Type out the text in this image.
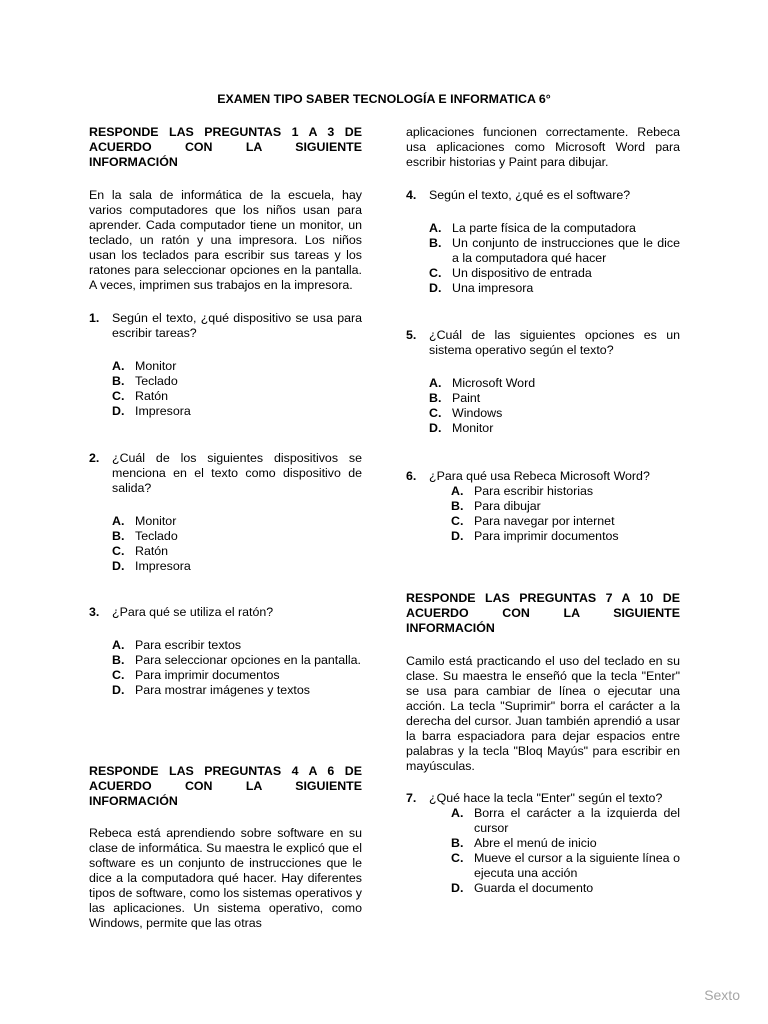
EXAMEN TIPO SABER TECNOLOGÍA E INFORMATICA 6°
RESPONDE LAS PREGUNTAS 1 A 3 DE ACUERDO CON LA SIGUIENTE INFORMACIÓN
En la sala de informática de la escuela, hay varios computadores que los niños usan para aprender. Cada computador tiene un monitor, un teclado, un ratón y una impresora. Los niños usan los teclados para escribir sus tareas y los ratones para seleccionar opciones en la pantalla. A veces, imprimen sus trabajos en la impresora.
1.	Según el texto, ¿qué dispositivo se usa para escribir tareas?
A. Monitor
B. Teclado
C. Ratón
D. Impresora
2.	¿Cuál de los siguientes dispositivos se menciona en el texto como dispositivo de salida?
A. Monitor
B. Teclado
C. Ratón
D. Impresora
3.	¿Para qué se utiliza el ratón?
A. Para escribir textos
B. Para seleccionar opciones en la pantalla.
C. Para imprimir documentos
D. Para mostrar imágenes y textos
RESPONDE LAS PREGUNTAS 4 A 6 DE ACUERDO CON LA SIGUIENTE INFORMACIÓN
Rebeca está aprendiendo sobre software en su clase de informática. Su maestra le explicó que el software es un conjunto de instrucciones que le dice a la computadora qué hacer. Hay diferentes tipos de software, como los sistemas operativos y las aplicaciones. Un sistema operativo, como Windows, permite que las otras
aplicaciones funcionen correctamente. Rebeca usa aplicaciones como Microsoft Word para escribir historias y Paint para dibujar.
4.	Según el texto, ¿qué es el software?
A. La parte física de la computadora
B. Un conjunto de instrucciones que le dice a la computadora qué hacer
C. Un dispositivo de entrada
D. Una impresora
5.	¿Cuál de las siguientes opciones es un sistema operativo según el texto?
A. Microsoft Word
B. Paint
C. Windows
D. Monitor
6.	¿Para qué usa Rebeca Microsoft Word?
A. Para escribir historias
B. Para dibujar
C. Para navegar por internet
D. Para imprimir documentos
RESPONDE LAS PREGUNTAS 7 A 10 DE ACUERDO CON LA SIGUIENTE INFORMACIÓN
Camilo está practicando el uso del teclado en su clase. Su maestra le enseñó que la tecla "Enter" se usa para cambiar de línea o ejecutar una acción. La tecla "Suprimir" borra el carácter a la derecha del cursor. Juan también aprendió a usar la barra espaciadora para dejar espacios entre palabras y la tecla "Bloq Mayús" para escribir en mayúsculas.
7.	¿Qué hace la tecla "Enter" según el texto?
A. Borra el carácter a la izquierda del cursor
B. Abre el menú de inicio
C. Mueve el cursor a la siguiente línea o ejecuta una acción
D. Guarda el documento
Sexto
